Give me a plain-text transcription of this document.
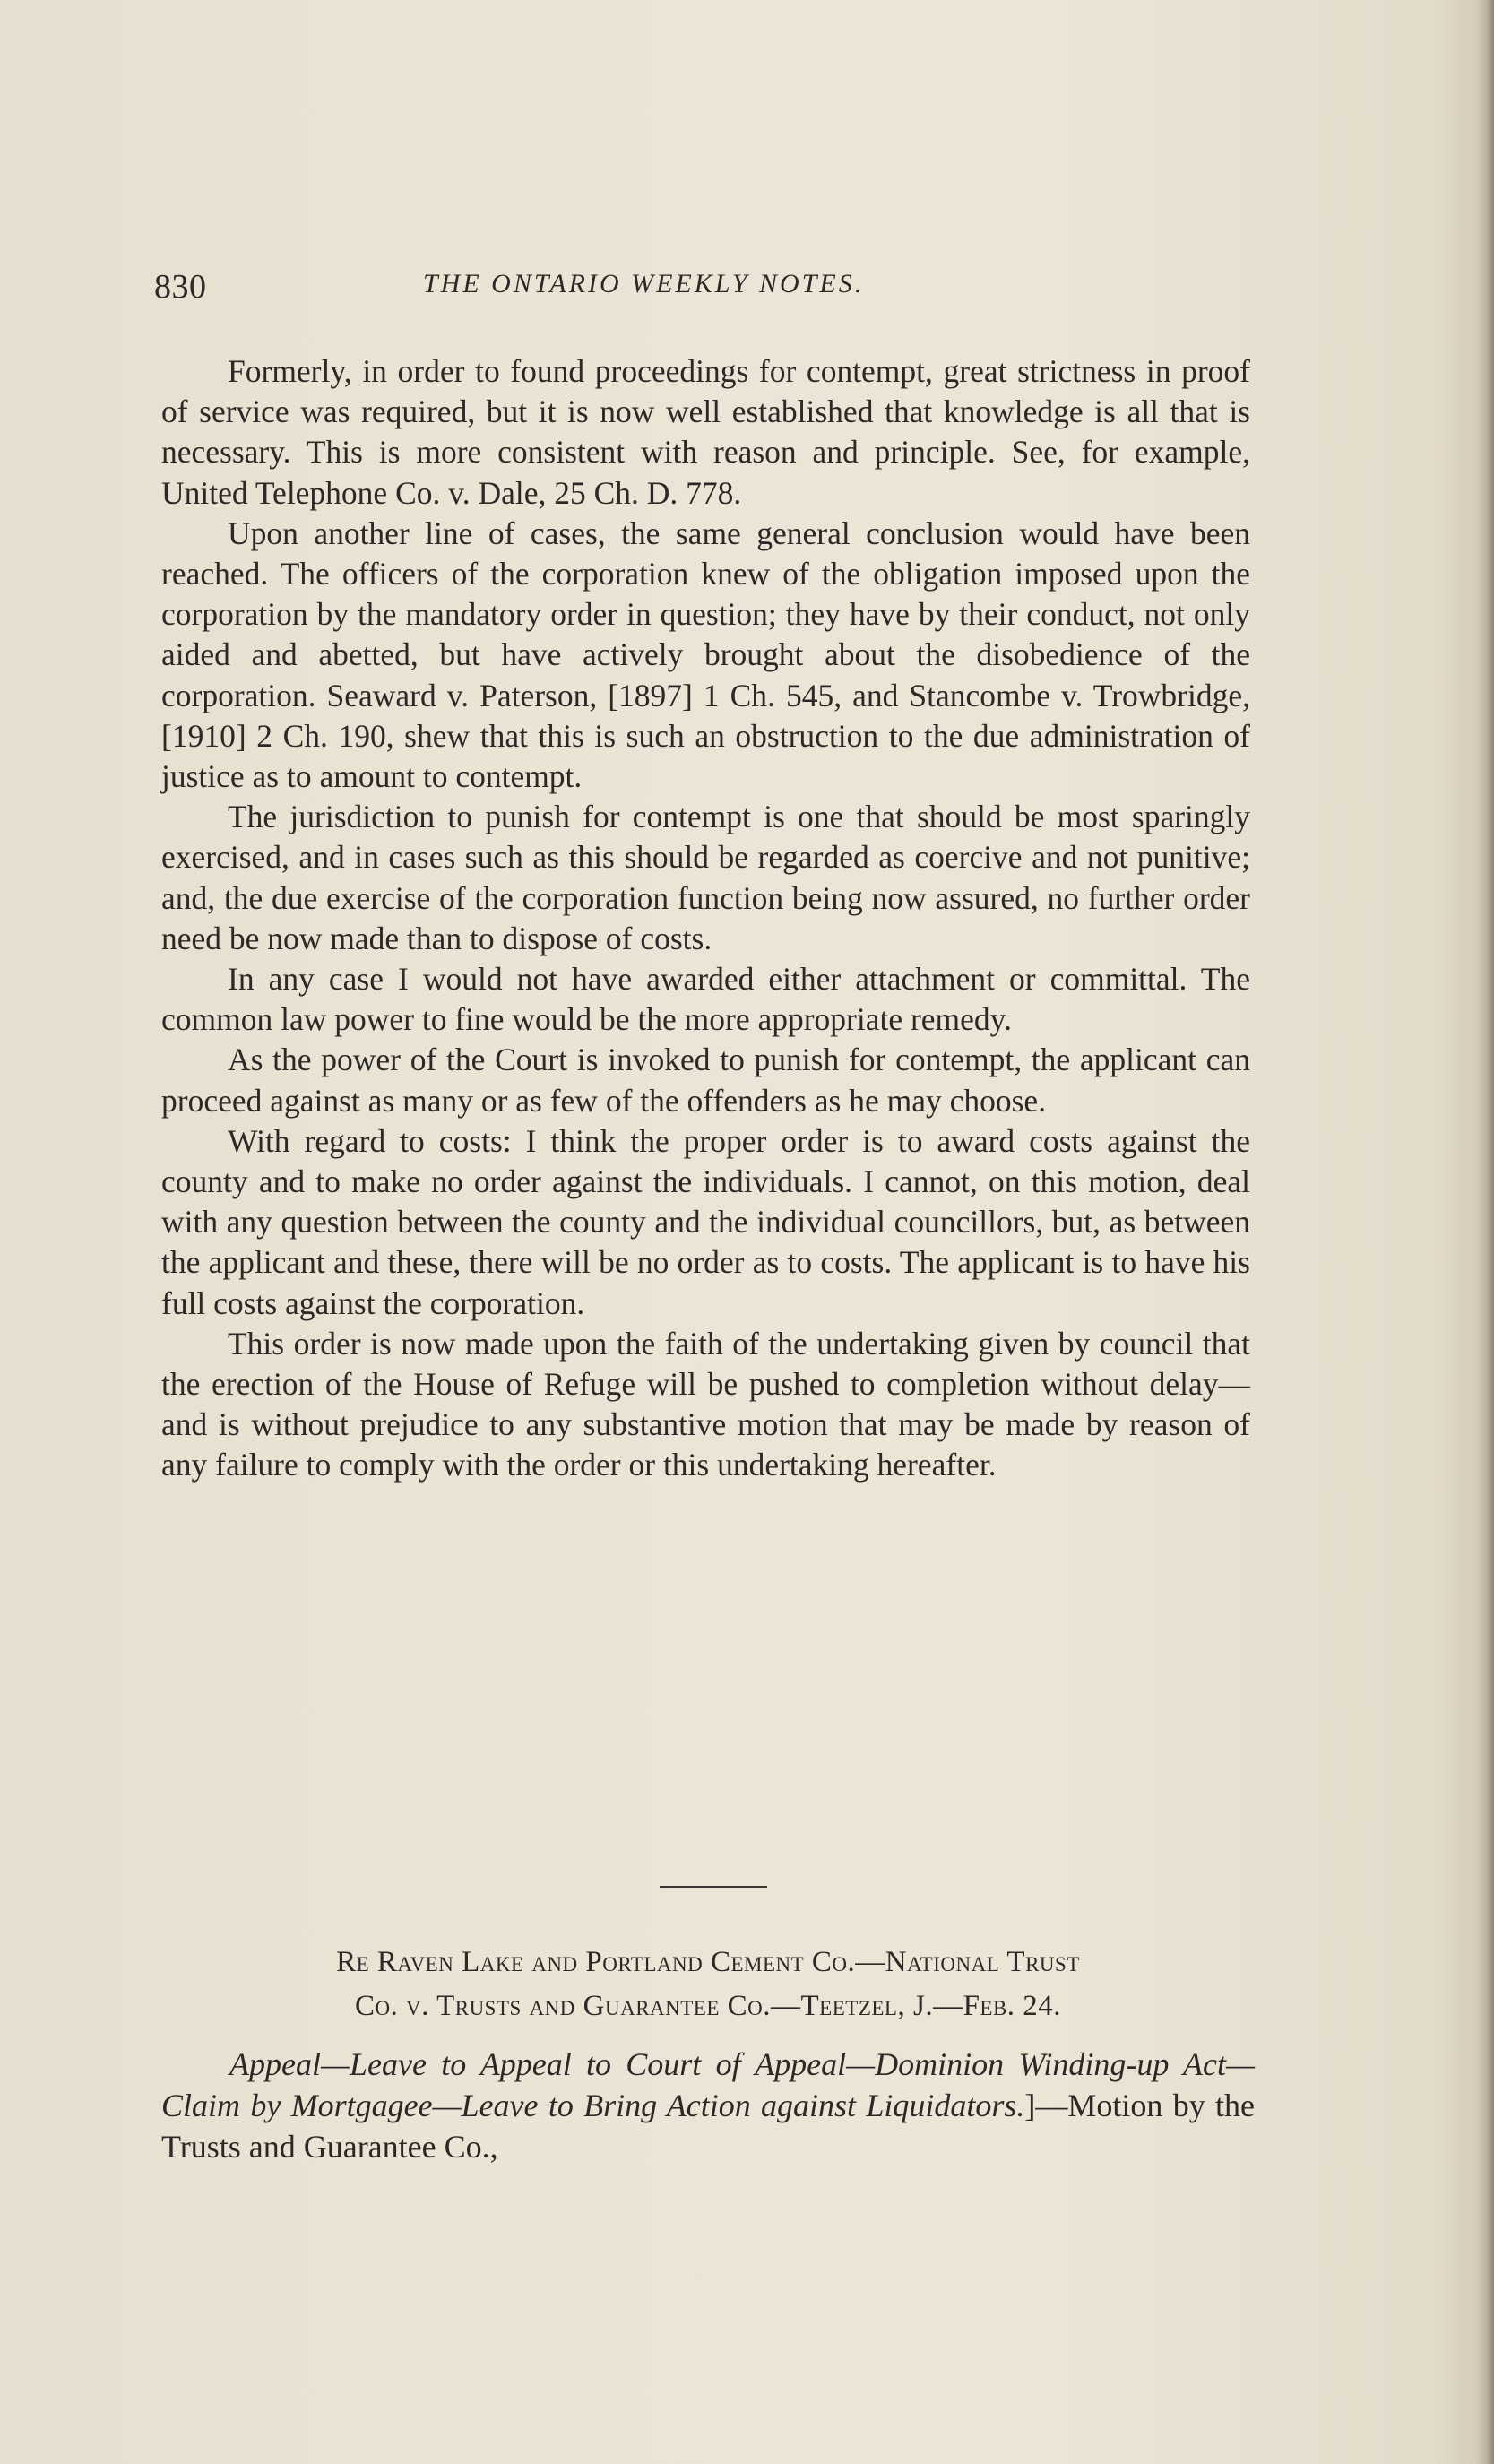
830	THE ONTARIO WEEKLY NOTES.

Formerly, in order to found proceedings for contempt, great strictness in proof of service was required, but it is now well established that knowledge is all that is necessary. This is more consistent with reason and principle. See, for example, United Telephone Co. v. Dale, 25 Ch. D. 778.

Upon another line of cases, the same general conclusion would have been reached. The officers of the corporation knew of the obligation imposed upon the corporation by the mandatory order in question; they have by their conduct, not only aided and abetted, but have actively brought about the disobedience of the corporation. Seaward v. Paterson, [1897] 1 Ch. 545, and Stancombe v. Trowbridge, [1910] 2 Ch. 190, shew that this is such an obstruction to the due administration of justice as to amount to contempt.

The jurisdiction to punish for contempt is one that should be most sparingly exercised, and in cases such as this should be regarded as coercive and not punitive; and, the due exercise of the corporation function being now assured, no further order need be now made than to dispose of costs.

In any case I would not have awarded either attachment or committal. The common law power to fine would be the more appropriate remedy.

As the power of the Court is invoked to punish for contempt, the applicant can proceed against as many or as few of the offenders as he may choose.

With regard to costs: I think the proper order is to award costs against the county and to make no order against the individuals. I cannot, on this motion, deal with any question between the county and the individual councillors, but, as between the applicant and these, there will be no order as to costs. The applicant is to have his full costs against the corporation.

This order is now made upon the faith of the undertaking given by council that the erection of the House of Refuge will be pushed to completion without delay—and is without prejudice to any substantive motion that may be made by reason of any failure to comply with the order or this undertaking hereafter.

Re Raven Lake and Portland Cement Co.—National Trust
Co. v. Trusts and Guarantee Co.—Teetzel, J.—Feb. 24.

Appeal—Leave to Appeal to Court of Appeal—Dominion Winding-up Act—Claim by Mortgagee—Leave to Bring Action against Liquidators.]—Motion by the Trusts and Guarantee Co.,
